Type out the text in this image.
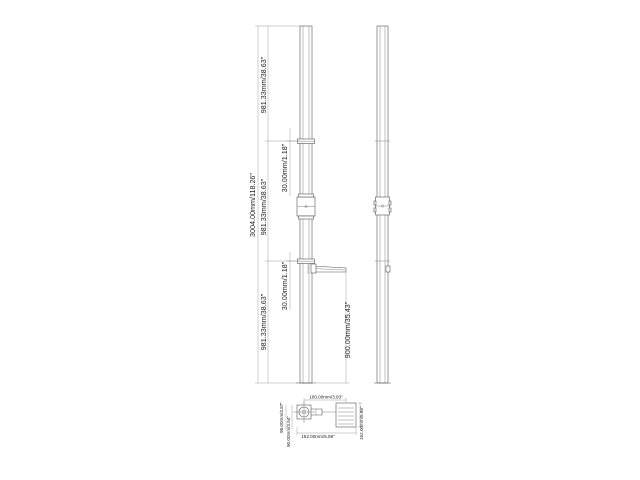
3004.00mm/118.26"
981.33mm/38.63"
981.33mm/38.63"
981.33mm/38.63"
30.00mm/1.18"
30.00mm/1.18"
900.00mm/35.43"
100.00mm/3.93"
152.00mm/5.98"
98.00mm/3.87" 90.00mm/3.54"	152.00mm/5.98"
